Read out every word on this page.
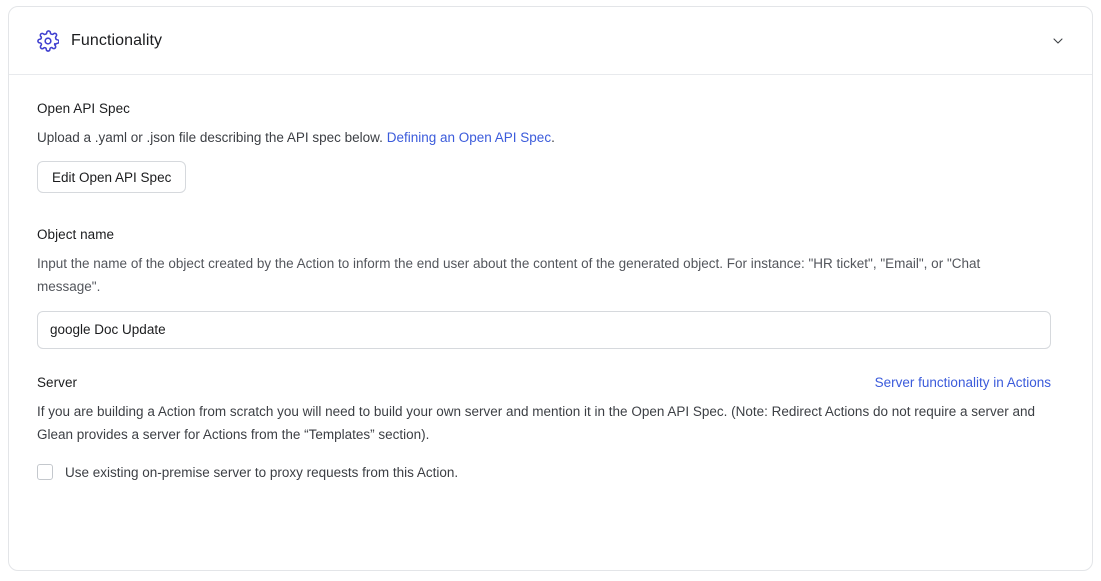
Functionality
Open API Spec

Upload a .yaml or .json file describing the API spec below. Defining an Open API Spec.

Edit Open API Spec
Object name

Input the name of the object created by the Action to inform the end user about the content of the generated object. For instance: "HR ticket", "Email", or "Chat message".

google Doc Update
Server	Server functionality in Actions

If you are building a Action from scratch you will need to build your own server and mention it in the Open API Spec. (Note: Redirect Actions do not require a server and Glean provides a server for Actions from the “Templates” section).

Use existing on-premise server to proxy requests from this Action.
